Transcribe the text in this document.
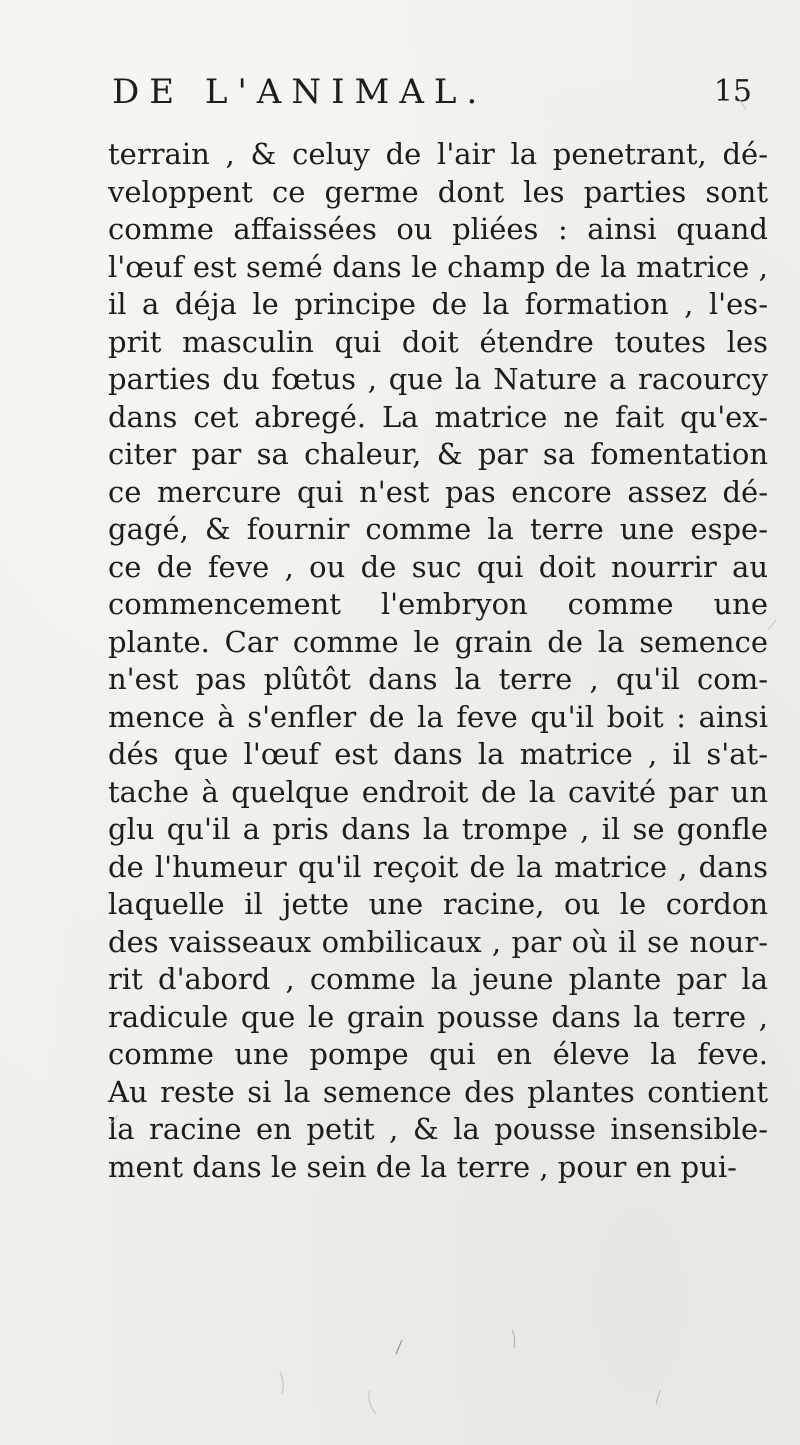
DE L'ANIMAL.	15
terrain , & celuy de l'air la penetrant, dé-
veloppent ce germe dont les parties sont
comme affaissées ou pliées : ainsi quand
l'œuf est semé dans le champ de la matrice ,
il a déja le principe de la formation , l'es-
prit masculin qui doit étendre toutes les
parties du fœtus , que la Nature a racourcy
dans cet abregé. La matrice ne fait qu'ex-
citer par sa chaleur, & par sa fomentation
ce mercure qui n'est pas encore assez dé-
gagé, & fournir comme la terre une espe-
ce de feve , ou de suc qui doit nourrir au
commencement l'embryon comme une
plante. Car comme le grain de la semence
n'est pas plûtôt dans la terre , qu'il com-
mence à s'enfler de la feve qu'il boit : ainsi
dés que l'œuf est dans la matrice , il s'at-
tache à quelque endroit de la cavité par un
glu qu'il a pris dans la trompe , il se gonfle
de l'humeur qu'il reçoit de la matrice , dans
laquelle il jette une racine, ou le cordon
des vaisseaux ombilicaux , par où il se nour-
rit d'abord , comme la jeune plante par la
radicule que le grain pousse dans la terre ,
comme une pompe qui en éleve la feve.
Au reste si la semence des plantes contient
la racine en petit , & la pousse insensible-
ment dans le sein de la terre , pour en pui-
